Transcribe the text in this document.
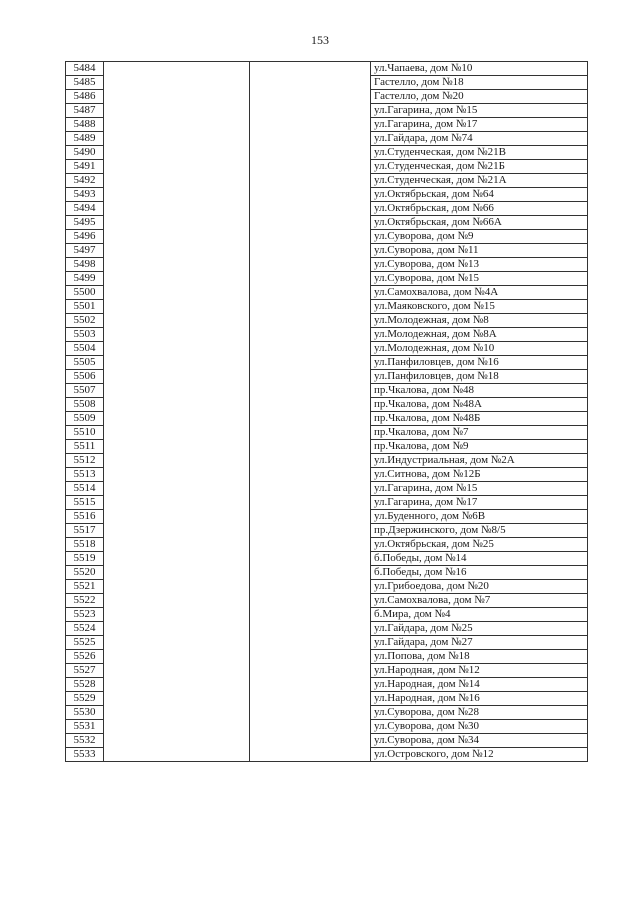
153
5484			ул.Чапаева, дом №10
5485			Гастелло, дом №18
5486			Гастелло, дом №20
5487			ул.Гагарина, дом №15
5488			ул.Гагарина, дом №17
5489			ул.Гайдара, дом №74
5490			ул.Студенческая, дом №21В
5491			ул.Студенческая, дом №21Б
5492			ул.Студенческая, дом №21А
5493			ул.Октябрьская, дом №64
5494			ул.Октябрьская, дом №66
5495			ул.Октябрьская, дом №66А
5496			ул.Суворова, дом №9
5497			ул.Суворова, дом №11
5498			ул.Суворова, дом №13
5499			ул.Суворова, дом №15
5500			ул.Самохвалова, дом №4А
5501			ул.Маяковского, дом №15
5502			ул.Молодежная, дом №8
5503			ул.Молодежная, дом №8А
5504			ул.Молодежная, дом №10
5505			ул.Панфиловцев, дом №16
5506			ул.Панфиловцев, дом №18
5507			пр.Чкалова, дом №48
5508			пр.Чкалова, дом №48А
5509			пр.Чкалова, дом №48Б
5510			пр.Чкалова, дом №7
5511			пр.Чкалова, дом №9
5512			ул.Индустриальная, дом №2А
5513			ул.Ситнова, дом №12Б
5514			ул.Гагарина, дом №15
5515			ул.Гагарина, дом №17
5516			ул.Буденного, дом №6В
5517			пр.Дзержинского, дом №8/5
5518			ул.Октябрьская, дом №25
5519			б.Победы, дом №14
5520			б.Победы, дом №16
5521			ул.Грибоедова, дом №20
5522			ул.Самохвалова, дом №7
5523			б.Мира, дом №4
5524			ул.Гайдара, дом №25
5525			ул.Гайдара, дом №27
5526			ул.Попова, дом №18
5527			ул.Народная, дом №12
5528			ул.Народная, дом №14
5529			ул.Народная, дом №16
5530			ул.Суворова, дом №28
5531			ул.Суворова, дом №30
5532			ул.Суворова, дом №34
5533			ул.Островского, дом №12
